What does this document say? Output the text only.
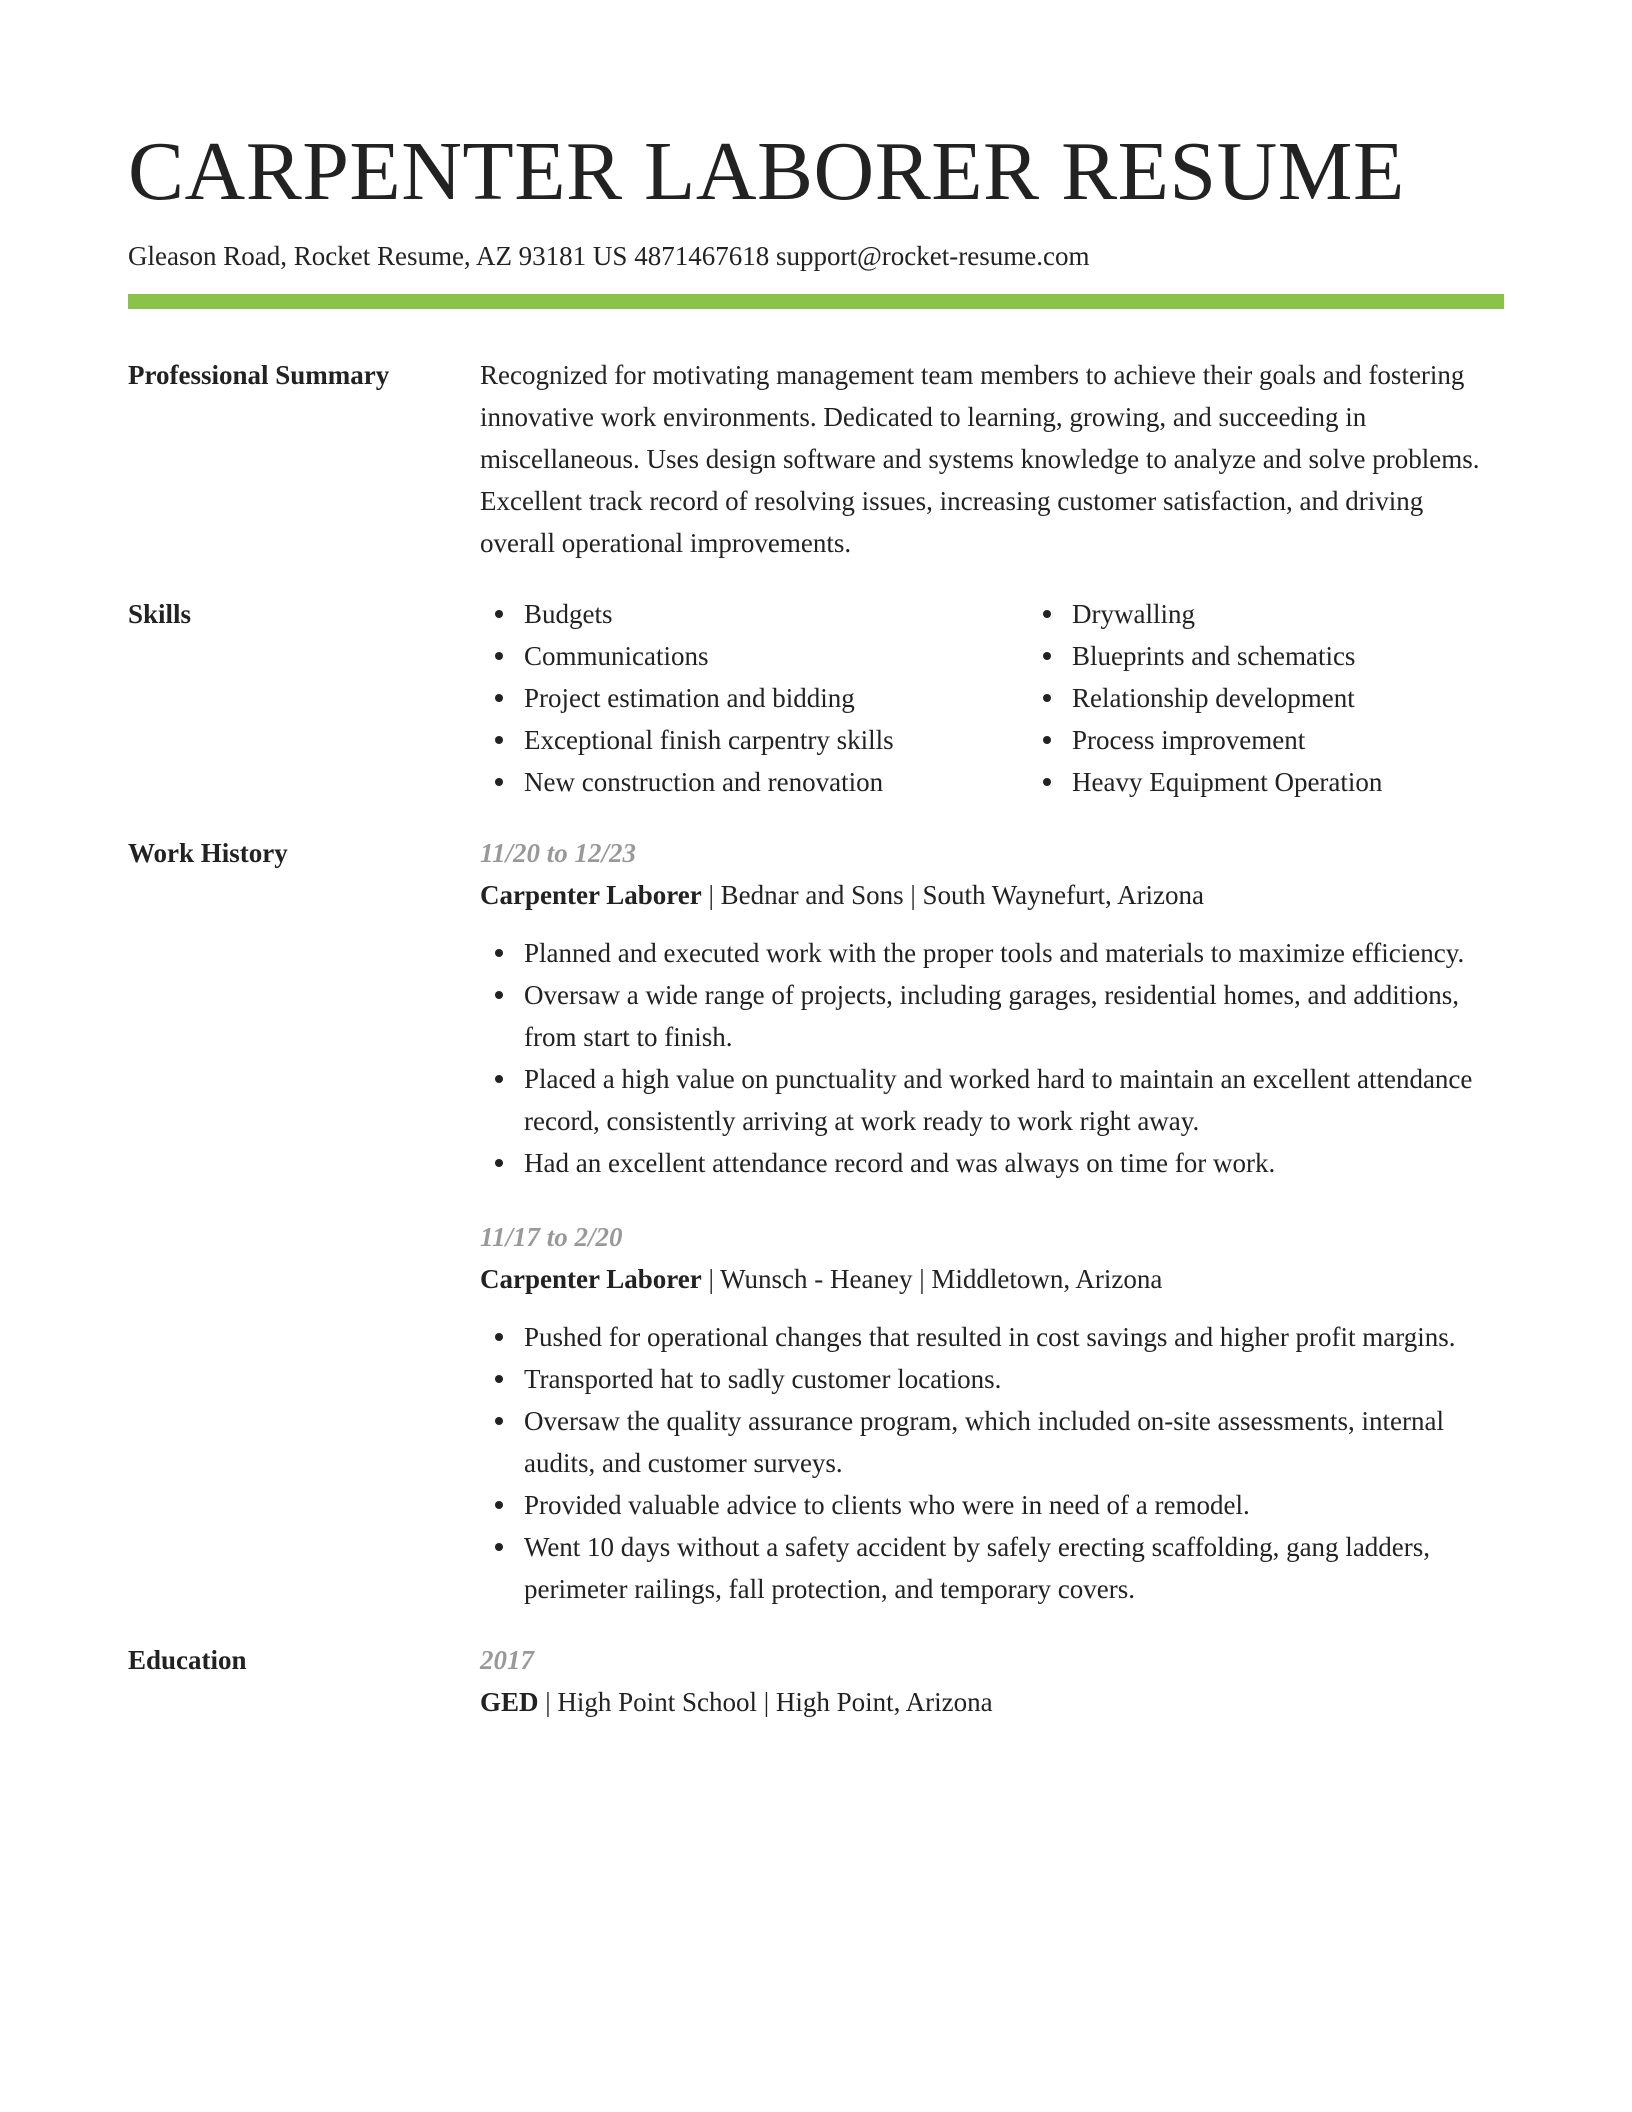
CARPENTER LABORER RESUME
Gleason Road, Rocket Resume, AZ 93181 US 4871467618 support@rocket-resume.com
Professional Summary	Recognized for motivating management team members to achieve their goals and fostering innovative work environments. Dedicated to learning, growing, and succeeding in miscellaneous. Uses design software and systems knowledge to analyze and solve problems. Excellent track record of resolving issues, increasing customer satisfaction, and driving overall operational improvements.

Skills	Budgets
Communications
Project estimation and bidding
Exceptional finish carpentry skills
New construction and renovation
Drywalling
Blueprints and schematics
Relationship development
Process improvement
Heavy Equipment Operation
Work History	11/20 to 12/23
Carpenter Laborer | Bednar and Sons | South Waynefurt, Arizona
Planned and executed work with the proper tools and materials to maximize efficiency.
Oversaw a wide range of projects, including garages, residential homes, and additions, from start to finish.
Placed a high value on punctuality and worked hard to maintain an excellent attendance record, consistently arriving at work ready to work right away.
Had an excellent attendance record and was always on time for work.
11/17 to 2/20
Carpenter Laborer | Wunsch - Heaney | Middletown, Arizona
Pushed for operational changes that resulted in cost savings and higher profit margins.
Transported hat to sadly customer locations.
Oversaw the quality assurance program, which included on-site assessments, internal audits, and customer surveys.
Provided valuable advice to clients who were in need of a remodel.
Went 10 days without a safety accident by safely erecting scaffolding, gang ladders, perimeter railings, fall protection, and temporary covers.
Education	2017
GED | High Point School | High Point, Arizona
